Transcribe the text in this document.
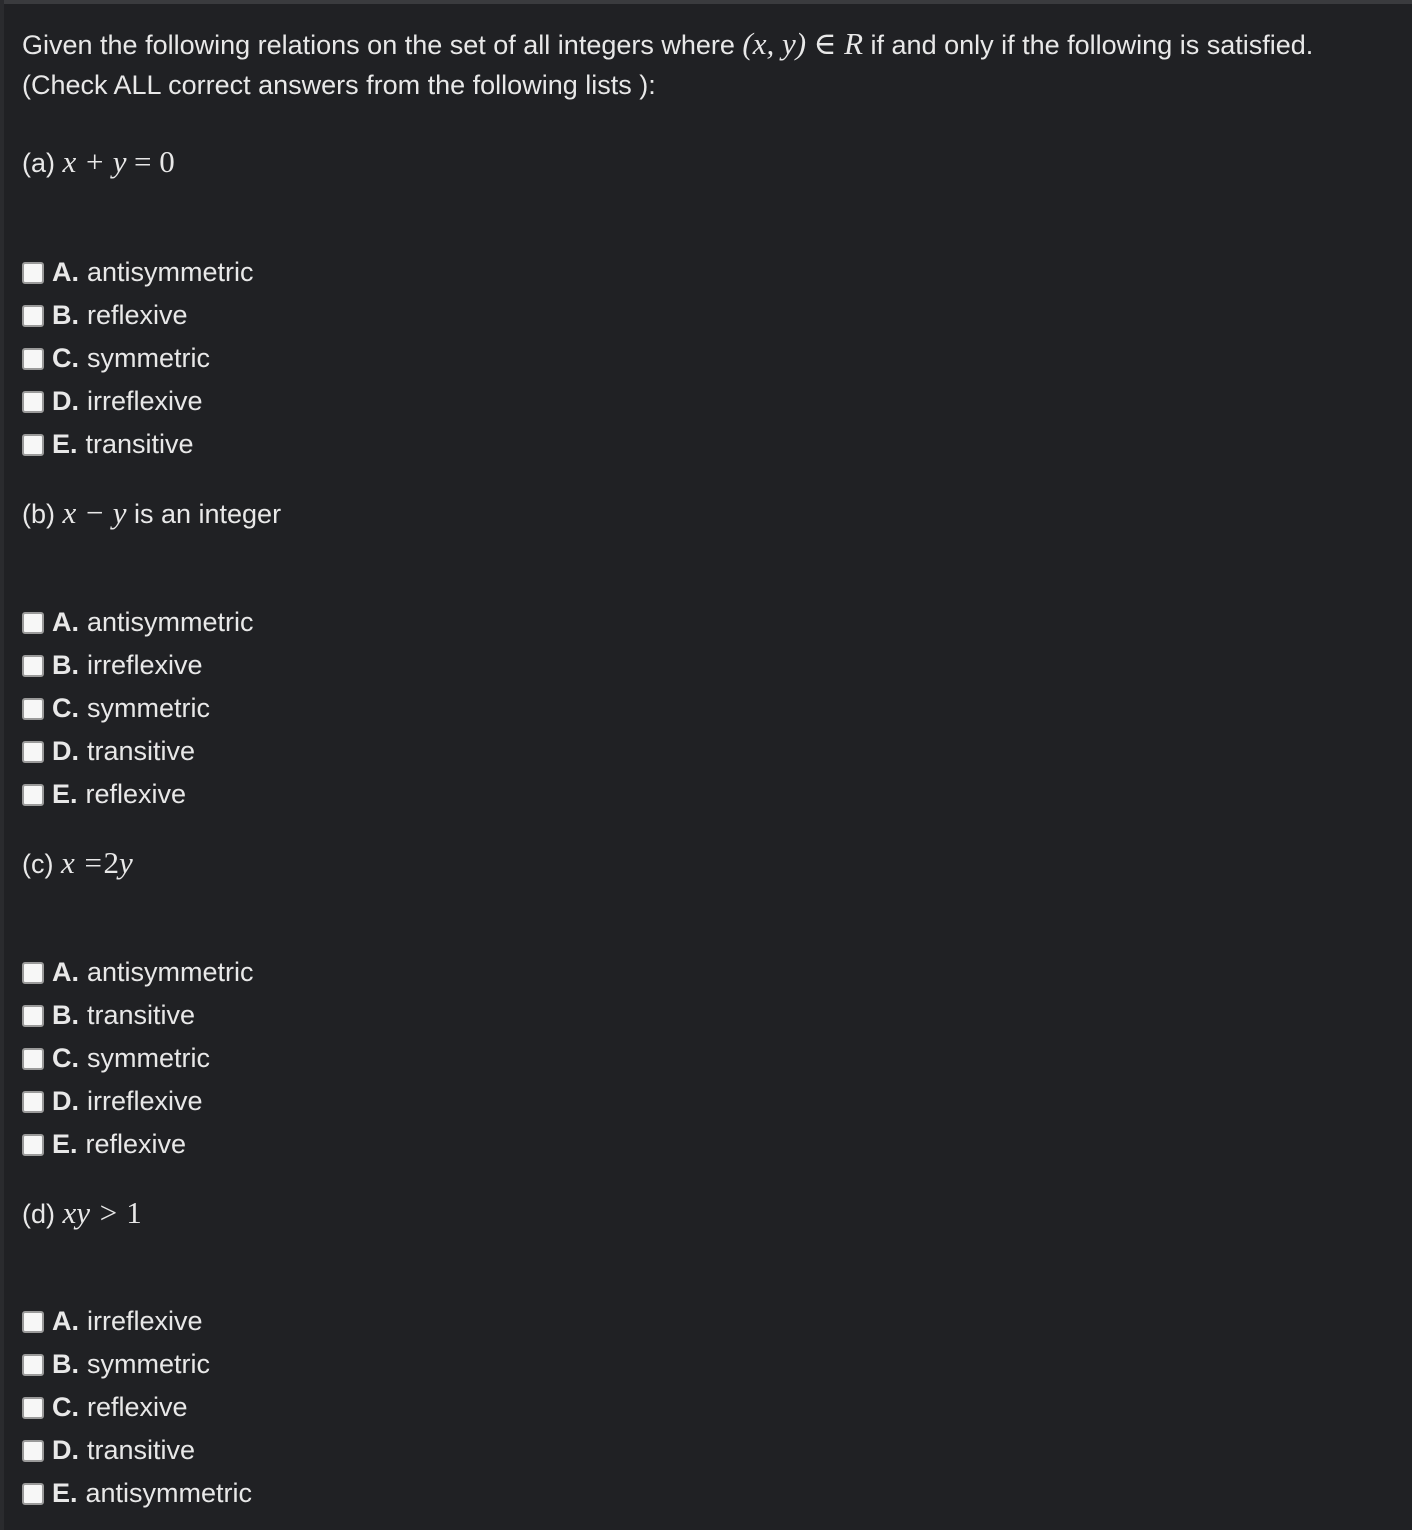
Given the following relations on the set of all integers where (x, y) ∈ R if and only if the following is satisfied.
(Check ALL correct answers from the following lists ):

(a) x + y = 0

A. antisymmetric
B. reflexive
C. symmetric
D. irreflexive
E. transitive

(b) x − y is an integer

A. antisymmetric
B. irreflexive
C. symmetric
D. transitive
E. reflexive

(c) x =2y

A. antisymmetric
B. transitive
C. symmetric
D. irreflexive
E. reflexive

(d) xy > 1

A. irreflexive
B. symmetric
C. reflexive
D. transitive
E. antisymmetric
